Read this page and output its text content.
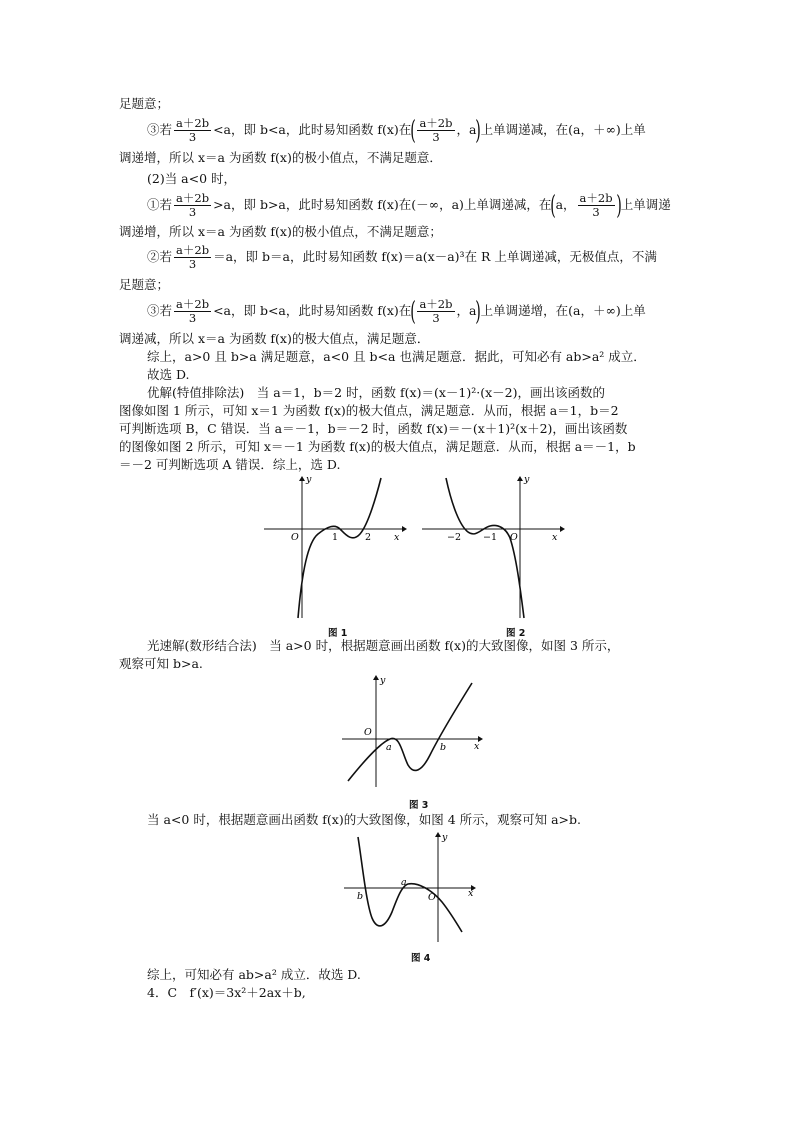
足题意；
③若 $\frac{a+2b}{3} <a$，即 b<a，此时易知函数 f(x)在( $\frac{a+2b}{3}$ ，a)上单调递减，在(a，＋∞)上单
调递增，所以 x＝a 为函数 f(x)的极小值点，不满足题意．
(2)当 a<0 时，
①若 $\frac{a+2b}{3} >a$，即 b>a，此时易知函数 f(x)在(－∞，a)上单调递减，在(a， $\frac{a+2b}{3}$ )上单调递
调递增，所以 x＝a 为函数 f(x)的极小值点，不满足题意；
②若 $\frac{a+2b}{3} =a$，即 b＝a，此时易知函数 f(x)＝a(x－a)³在 R 上单调递减，无极值点，不满
足题意；
③若 $\frac{a+2b}{3} <a$，即 b<a，此时易知函数 f(x)在( $\frac{a+2b}{3}$ ，a)上单调递增，在(a，＋∞)上单
调递减，所以 x＝a 为函数 f(x)的极大值点，满足题意．
综上，a>0 且 b>a 满足题意，a<0 且 b<a 也满足题意．据此，可知必有 ab>a² 成立．
故选 D.
优解(特值排除法)　当 a＝1，b＝2 时，函数 f(x)＝(x－1)²·(x－2)，画出该函数的
图像如图 1 所示，可知 x＝1 为函数 f(x)的极大值点，满足题意．从而，根据 a＝1，b＝2
可判断选项 B，C 错误．当 a＝－1，b＝－2 时，函数 f(x)＝－(x＋1)²(x＋2)，画出该函数
的图像如图 2 所示，可知 x＝－1 为函数 f(x)的极大值点，满足题意．从而，根据 a＝－1，b
＝－2 可判断选项 A 错误．综上，选 D.
y
x
O	1	2
图 1
y
x
O
−2 −1
图 2
光速解(数形结合法)　当 a>0 时，根据题意画出函数 f(x)的大致图像，如图 3 所示，
观察可知 b>a.
y
x
O
a	b
图 3
当 a<0 时，根据题意画出函数 f(x)的大致图像，如图 4 所示，观察可知 a>b.
y
x
O
b
a
图 4
综上，可知必有 ab>a² 成立．故选 D.
4．C　f′(x)＝3x²＋2ax＋b,
